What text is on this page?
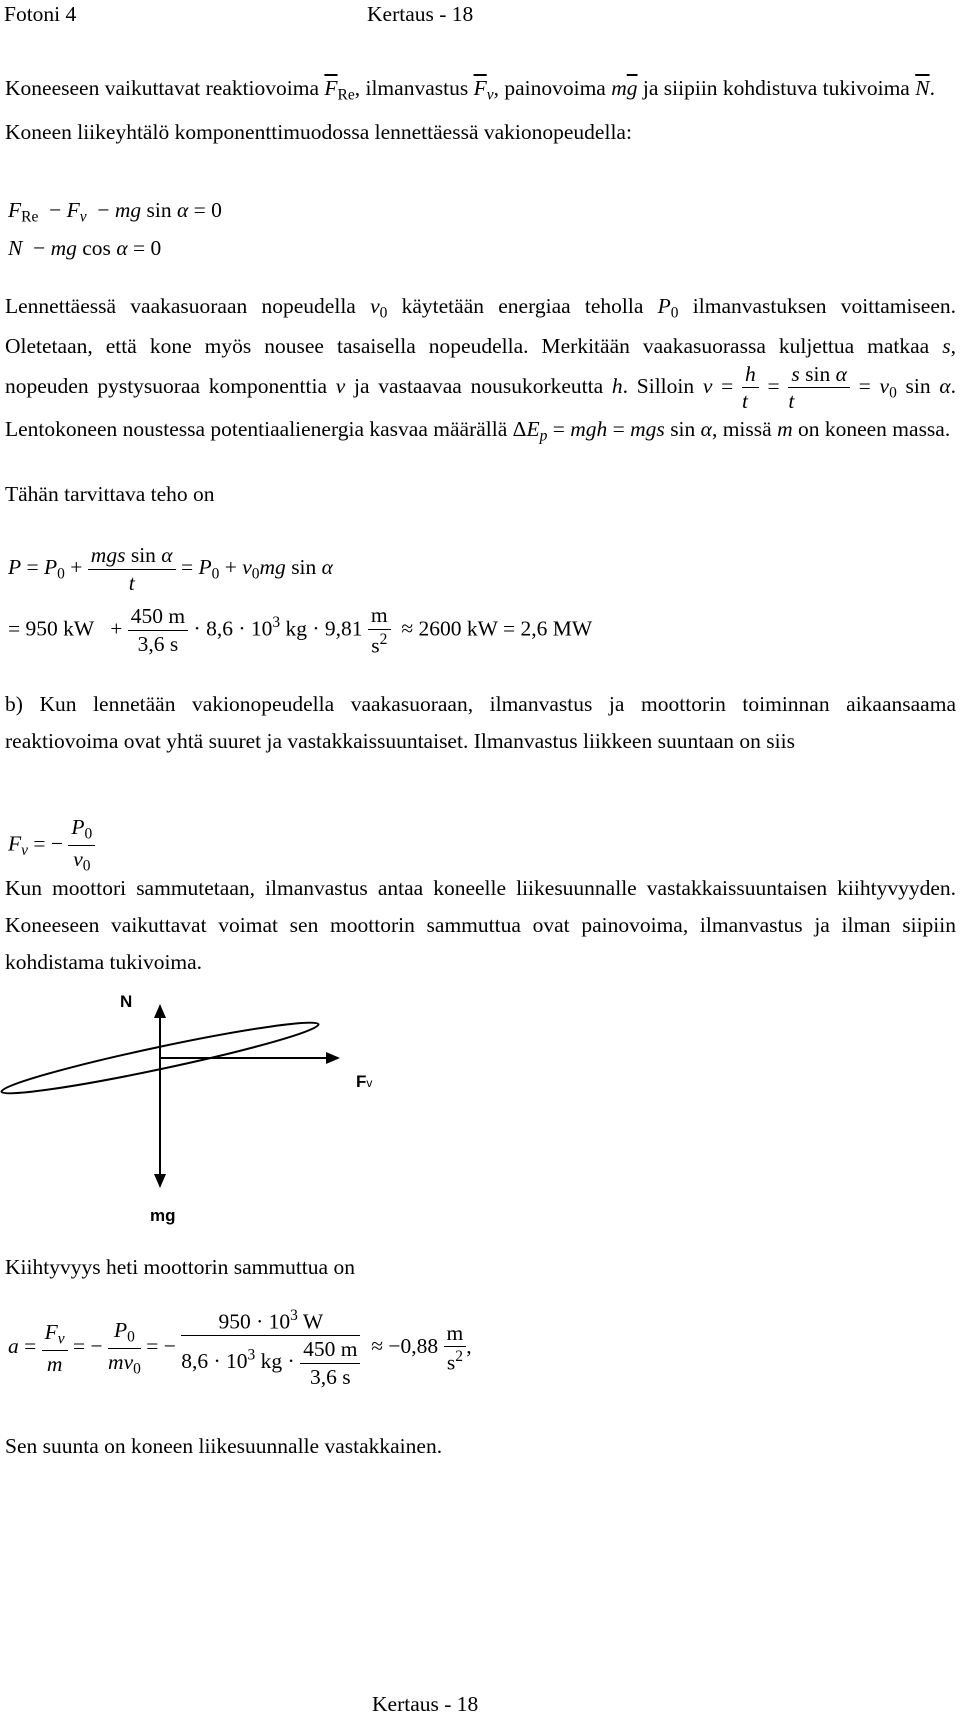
Fotoni 4	Kertaus - 18
Koneeseen vaikuttavat reaktiovoima $\overline{F}_{Re}$, ilmanvastus $\overline{F}_v$, painovoima $m\overline{g}$ ja siipiin kohdistuva tukivoima $\overline{N}$.
Koneen liikeyhtälö komponenttimuodossa lennettäessä vakionopeudella:
$F_{Re} - F_v$  − mg sin α = 0
N  − mg cos α = 0
Lennettäessä vaakasuoraan nopeudella $v_0$ käytetään energiaa teholla $P_0$ ilmanvastuksen voittamiseen. Oletetaan, että kone myös nousee tasaisella nopeudella. Merkitään vaakasuorassa kuljettua matkaa s, nopeuden pystysuoraa komponenttia v ja vastaavaa nousukorkeutta h. Silloin $v = \frac{h}{t} = \frac{\text{s sin α}}{t} = v_0$ sin α. Lentokoneen noustessa potentiaalienergia kasvaa määrällä $\Delta E_p$ = mgh = mgs sin α, missä m on koneen massa.
Tähän tarvittava teho on
$P = P_0 + \frac{\text{mgs sin α}}{t} = P_0 + v_0mg$ sin α
= 950 kW   + $\frac{450 m}{3,6 s} \cdot 8,6 \cdot 10^3$ kg · $9,81 \frac{m}{s^2} \approx 2600$ kW = 2,6 MW
b) Kun lennetään vakionopeudella vaakasuoraan, ilmanvastus ja moottorin toiminnan aikaansaama reaktiovoima ovat yhtä suuret ja vastakkaissuuntaiset. Ilmanvastus liikkeen suuntaan on siis
$F_v$ = − $\frac{P_0}{v_0}$
Kun moottori sammutetaan, ilmanvastus antaa koneelle liikesuunnalle vastakkaissuuntaisen kiihtyvyyden. Koneeseen vaikuttavat voimat sen moottorin sammuttua ovat painovoima, ilmanvastus ja ilman siipiin kohdistama tukivoima.
N
Fv
mg
Kiihtyvyys heti moottorin sammuttua on
$a = \frac{F_v}{m}$ = − $\frac{P_0}{mv_0}$ = − $\frac{950 \cdot 10^3 W}{8,6 \cdot 10^3 kg \cdot \frac{450 m}{3,6 s}} \approx -0,88 \frac{m}{s^2}$ ,
Sen suunta on koneen liikesuunnalle vastakkainen.
Kertaus - 18
